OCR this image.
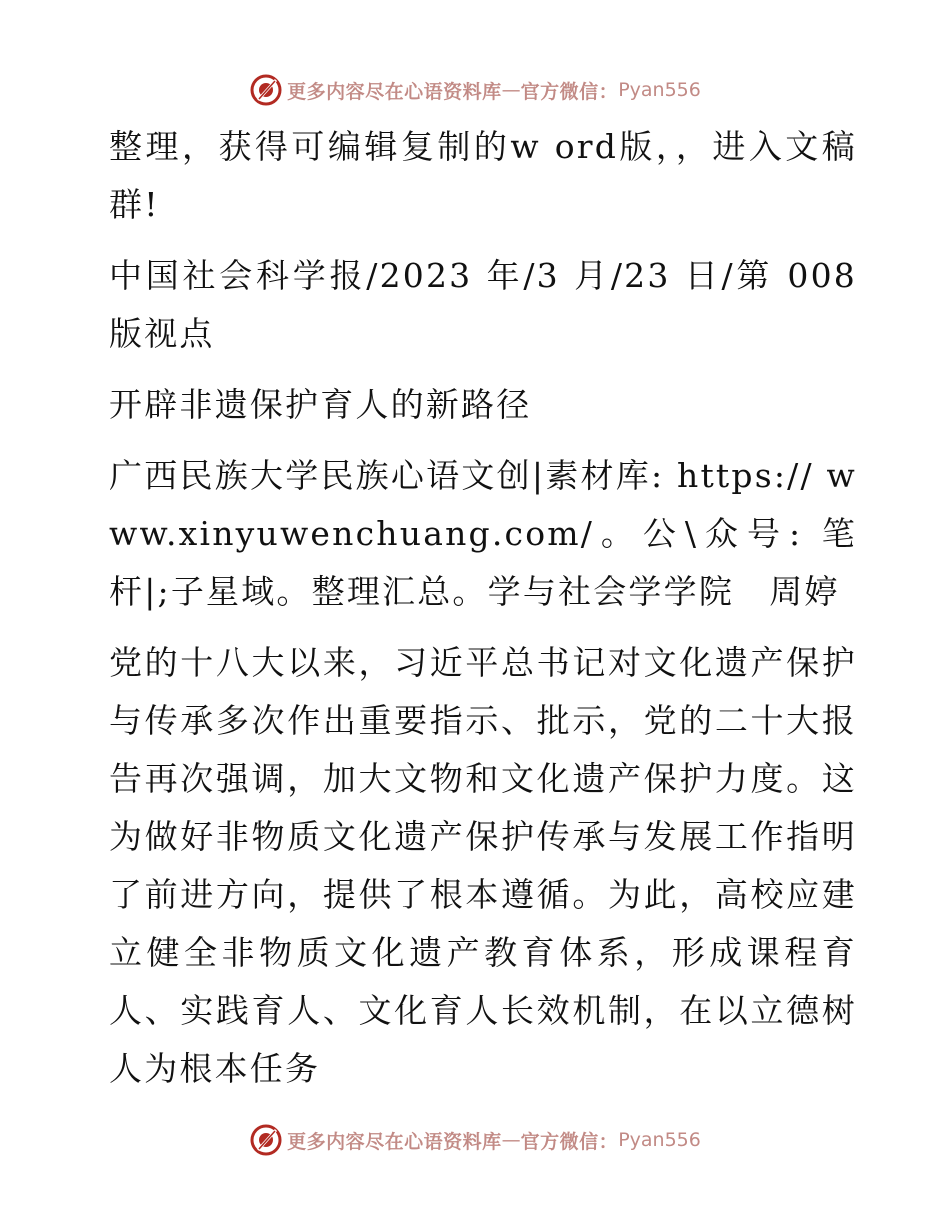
更多内容尽在心语资料库 — 官方微信： Pyan556

整理，获得可编辑复制的w ord版，，进入文稿群!

中国社会科学报/2023 年/3 月/23 日/第 008 版视点

开辟非遗保护育人的新路径

广西民族大学民族心语文创|素材库: https:// www.xinyuwenchuang.com/。公\众号: 笔杆|;子星域。整理汇总。学与社会学学院　周婷

党的十八大以来，习近平总书记对文化遗产保护与传承多次作出重要指示、批示，党的二十大报告再次强调，加大文物和文化遗产保护力度。这为做好非物质文化遗产保护传承与发展工作指明了前进方向，提供了根本遵循。为此，高校应建立健全非物质文化遗产教育体系，形成课程育人、实践育人、文化育人长效机制，在以立德树人为根本任务

更多内容尽在心语资料库 — 官方微信： Pyan556
